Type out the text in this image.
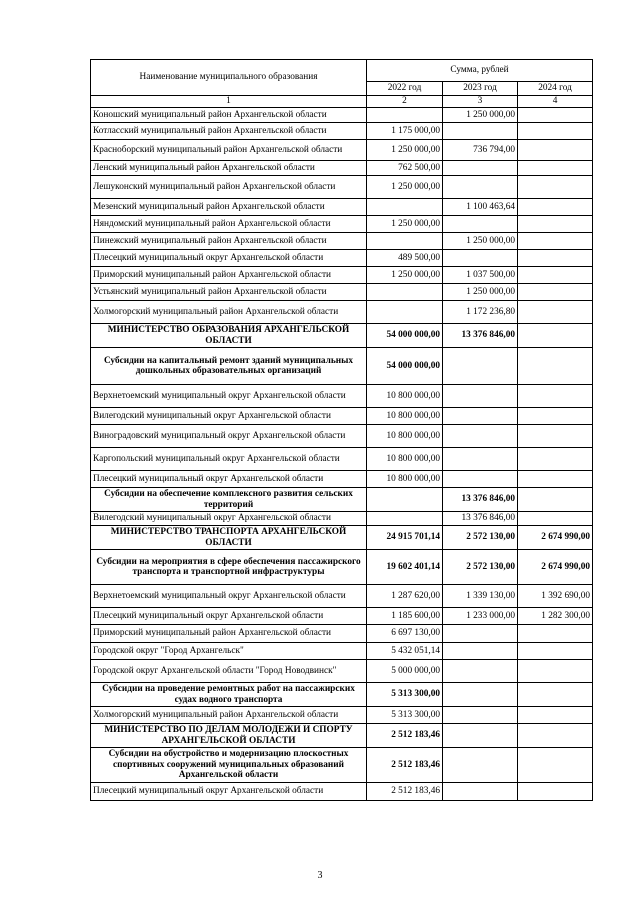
Наименование муниципального образования	Сумма, рублей		
	2022 год	2023 год	2024 год
1	2	3	4
Коношский муниципальный район Архангельской области		1 250 000,00	
Котласский муниципальный район Архангельской области	1 175 000,00		
Красноборский муниципальный район Архангельской области	1 250 000,00	736 794,00	
Ленский муниципальный район Архангельской области	762 500,00		
Лешуконский муниципальный район Архангельской области	1 250 000,00		
Мезенский муниципальный район Архангельской области		1 100 463,64	
Няндомский муниципальный район Архангельской области	1 250 000,00		
Пинежский муниципальный район Архангельской области		1 250 000,00	
Плесецкий муниципальный округ Архангельской области	489 500,00		
Приморский муниципальный район Архангельской области	1 250 000,00	1 037 500,00	
Устьянский муниципальный район Архангельской области		1 250 000,00	
Холмогорский муниципальный район Архангельской области		1 172 236,80	
МИНИСТЕРСТВО ОБРАЗОВАНИЯ АРХАНГЕЛЬСКОЙ ОБЛАСТИ	54 000 000,00	13 376 846,00	
Субсидии на капитальный ремонт зданий муниципальных дошкольных образовательных организаций	54 000 000,00		
Верхнетоемский муниципальный округ Архангельской области	10 800 000,00		
Вилегодский муниципальный округ Архангельской области	10 800 000,00		
Виноградовский муниципальный округ Архангельской области	10 800 000,00		
Каргопольский муниципальный округ Архангельской области	10 800 000,00		
Плесецкий муниципальный округ Архангельской области	10 800 000,00		
Субсидии на обеспечение комплексного развития сельских территорий		13 376 846,00	
Вилегодский муниципальный округ Архангельской области		13 376 846,00	
МИНИСТЕРСТВО ТРАНСПОРТА АРХАНГЕЛЬСКОЙ ОБЛАСТИ	24 915 701,14	2 572 130,00	2 674 990,00
Субсидии на мероприятия в сфере обеспечения пассажирского транспорта и транспортной инфраструктуры	19 602 401,14	2 572 130,00	2 674 990,00
Верхнетоемский муниципальный округ Архангельской области	1 287 620,00	1 339 130,00	1 392 690,00
Плесецкий муниципальный округ Архангельской области	1 185 600,00	1 233 000,00	1 282 300,00
Приморский муниципальный район Архангельской области	6 697 130,00		
Городской округ "Город Архангельск"	5 432 051,14		
Городской округ Архангельской области "Город Новодвинск"	5 000 000,00		
Субсидии на проведение ремонтных работ на пассажирских судах водного транспорта	5 313 300,00		
Холмогорский муниципальный район Архангельской области	5 313 300,00		
МИНИСТЕРСТВО ПО ДЕЛАМ МОЛОДЕЖИ И СПОРТУ АРХАНГЕЛЬСКОЙ ОБЛАСТИ	2 512 183,46		
Субсидии на обустройство и модернизацию плоскостных спортивных сооружений муниципальных образований Архангельской области	2 512 183,46		
Плесецкий муниципальный округ Архангельской области	2 512 183,46		
3
